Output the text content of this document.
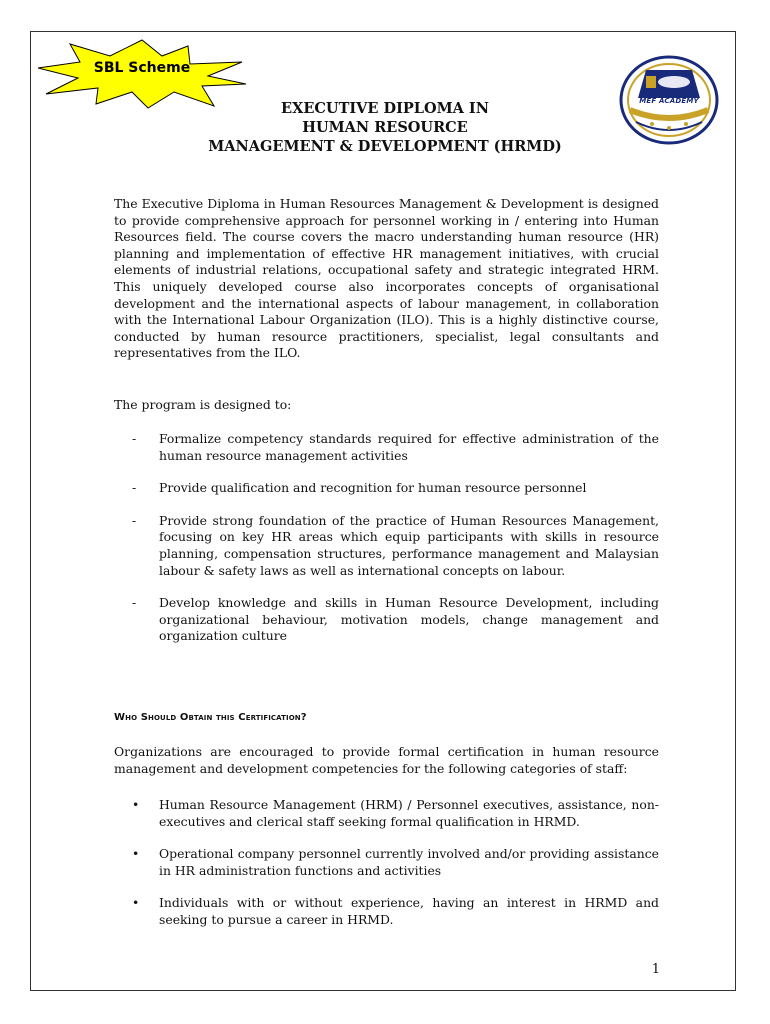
SBL Scheme
MEF ACADEMY
EXECUTIVE DIPLOMA IN
HUMAN RESOURCE
MANAGEMENT & DEVELOPMENT (HRMD)

The Executive Diploma in Human Resources Management & Development is designed to provide comprehensive approach for personnel working in / entering into Human Resources field. The course covers the macro understanding human resource (HR) planning and implementation of effective HR management initiatives, with crucial elements of industrial relations, occupational safety and strategic integrated HRM. This uniquely developed course also incorporates concepts of organisational development and the international aspects of labour management, in collaboration with the International Labour Organization (ILO). This is a highly distinctive course, conducted by human resource practitioners, specialist, legal consultants and representatives from the ILO.

The program is designed to:

- Formalize competency standards required for effective administration of the human resource management activities
- Provide qualification and recognition for human resource personnel
- Provide strong foundation of the practice of Human Resources Management, focusing on key HR areas which equip participants with skills in resource planning, compensation structures, performance management and Malaysian labour & safety laws as well as international concepts on labour.
- Develop knowledge and skills in Human Resource Development, including organizational behaviour, motivation models, change management and organization culture
Who Should Obtain this Certification?

Organizations are encouraged to provide formal certification in human resource management and development competencies for the following categories of staff:

• Human Resource Management (HRM) / Personnel executives, assistance, non-executives and clerical staff seeking formal qualification in HRMD.
• Operational company personnel currently involved and/or providing assistance in HR administration functions and activities
• Individuals with or without experience, having an interest in HRMD and seeking to pursue a career in HRMD.
1
